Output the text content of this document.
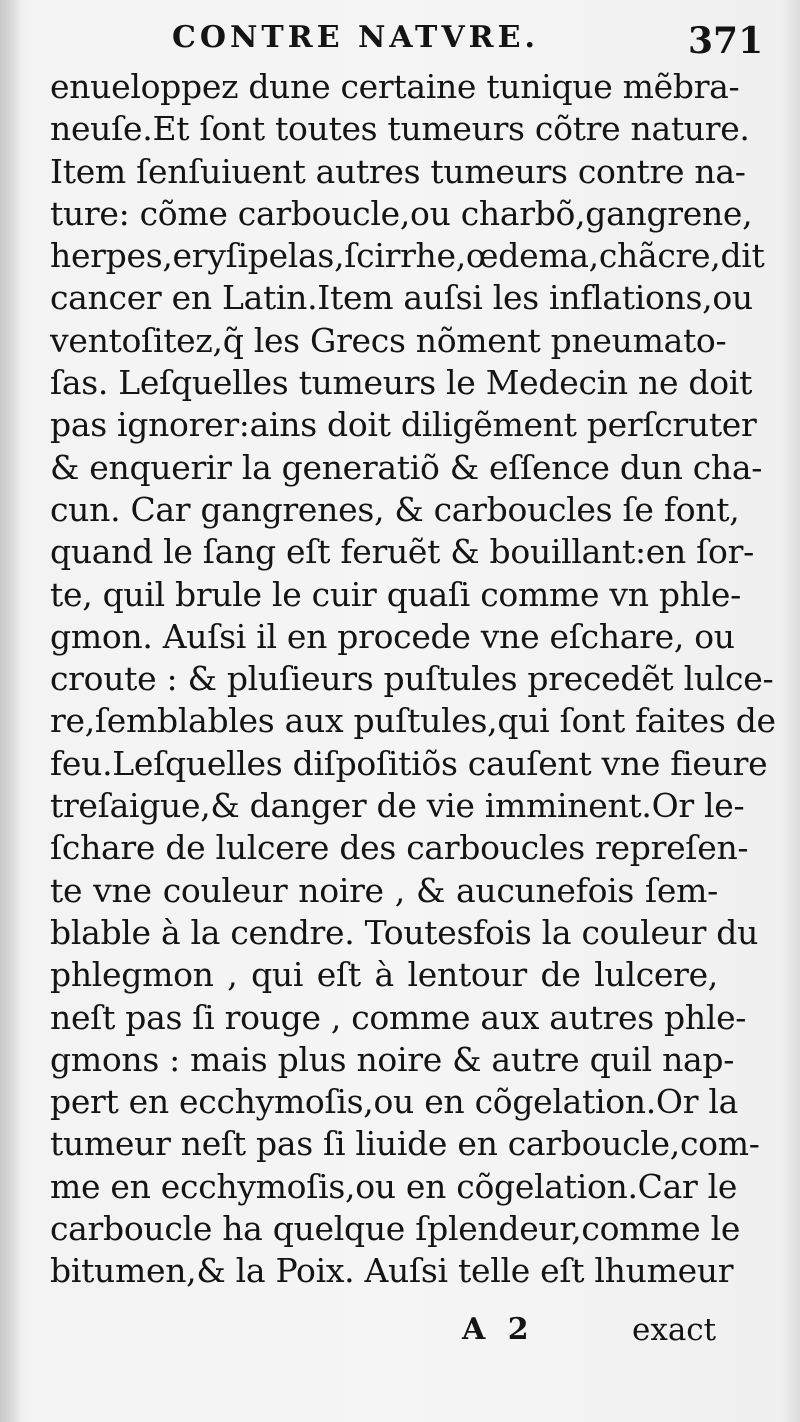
CONTRE NATVRE.	371
enueloppez dune certaine tunique mẽbra-
neuſe.Et ſont toutes tumeurs cõtre nature.
Item ſenſuiuent autres tumeurs contre na-
ture: cõme carboucle,ou charbõ,gangrene,
herpes,eryſipelas,ſcirrhe,œdema,chãcre,dit
cancer en Latin.Item auſsi les inflations,ou
ventoſitez,q̃ les Grecs nõment pneumato-
ſas. Leſquelles tumeurs le Medecin ne doit
pas ignorer:ains doit diligẽment perſcruter
& enquerir la generatiõ & eſſence dun cha-
cun. Car gangrenes, & carboucles ſe font,
quand le ſang eſt feruẽt & bouillant:en ſor-
te, quil brule le cuir quaſi comme vn phle-
gmon. Auſsi il en procede vne eſchare, ou
croute : & pluſieurs puſtules precedẽt lulce-
re,ſemblables aux puſtules,qui ſont faites de
feu.Leſquelles diſpoſitiõs cauſent vne fieure
treſaigue,& danger de vie imminent.Or le-
ſchare de lulcere des carboucles repreſen-
te vne couleur noire , & aucunefois ſem-
blable à la cendre. Toutesfois la couleur du
phlegmon , qui eſt à lentour de lulcere,
neſt pas ſi rouge , comme aux autres phle-
gmons : mais plus noire & autre quil nap-
pert en ecchymoſis,ou en cõgelation.Or la
tumeur neſt pas ſi liuide en carboucle,com-
me en ecchymoſis,ou en cõgelation.Car le
carboucle ha quelque ſplendeur,comme le
bitumen,& la Poix. Auſsi telle eſt lhumeur
A 2	exact
